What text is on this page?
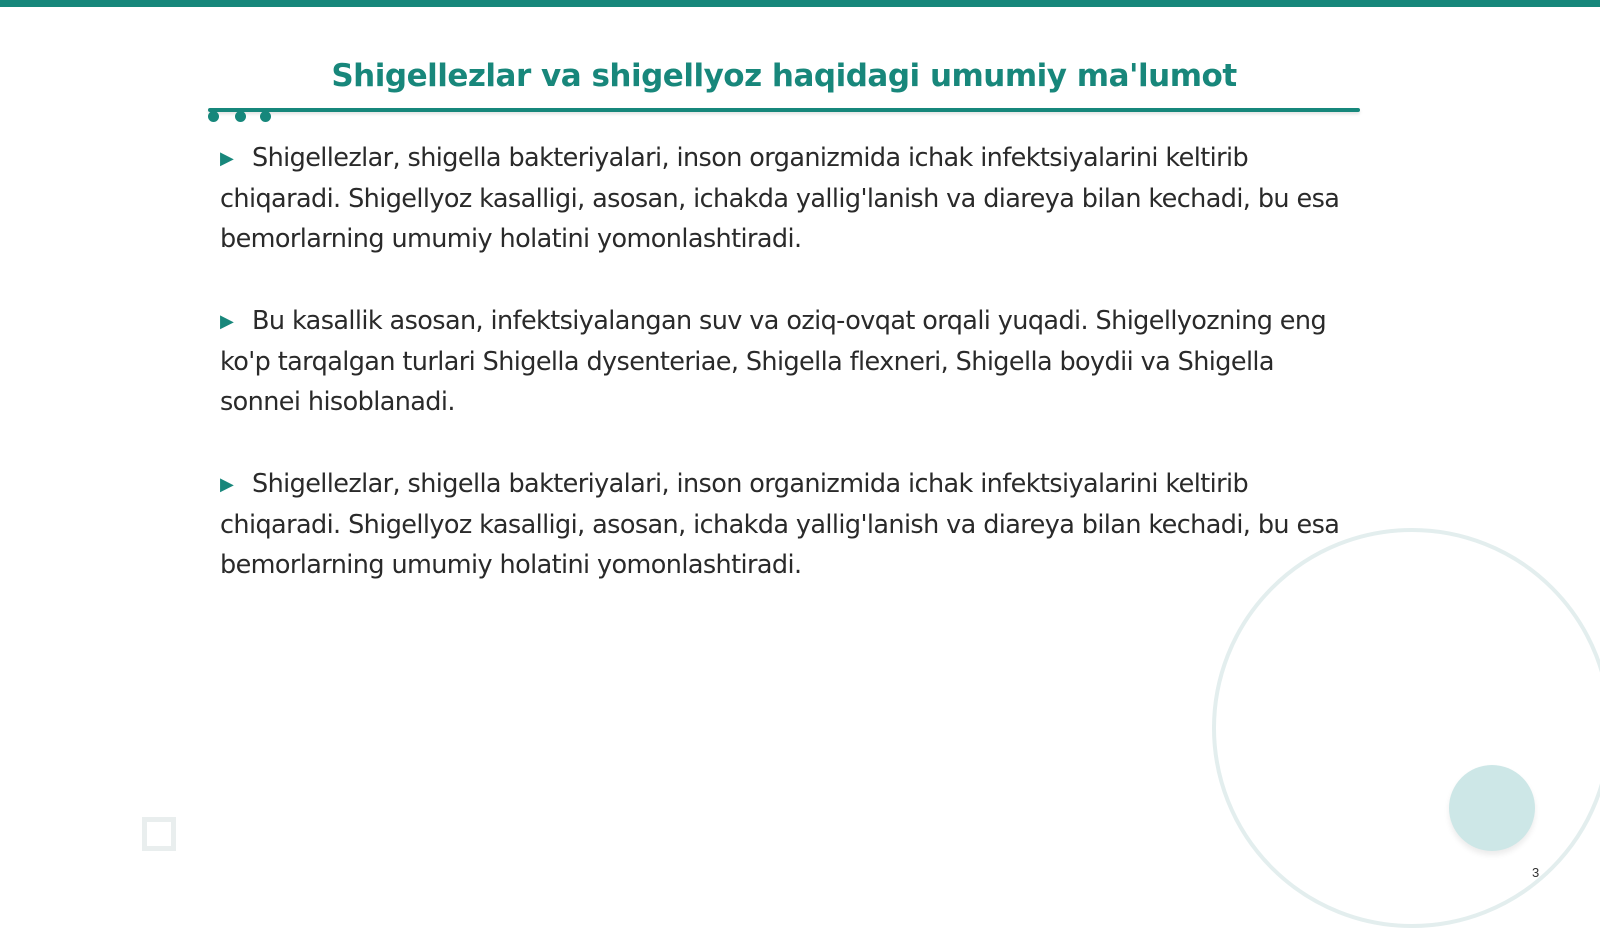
Shigellezlar va shigellyoz haqidagi umumiy ma'lumot

▶ Shigellezlar, shigella bakteriyalari, inson organizmida ichak infektsiyalarini keltirib chiqaradi. Shigellyoz kasalligi, asosan, ichakda yallig'lanish va diareya bilan kechadi, bu esa bemorlarning umumiy holatini yomonlashtiradi.

▶ Bu kasallik asosan, infektsiyalangan suv va oziq-ovqat orqali yuqadi. Shigellyozning eng ko'p tarqalgan turlari Shigella dysenteriae, Shigella flexneri, Shigella boydii va Shigella sonnei hisoblanadi.

▶ Shigellezlar, shigella bakteriyalari, inson organizmida ichak infektsiyalarini keltirib chiqaradi. Shigellyoz kasalligi, asosan, ichakda yallig'lanish va diareya bilan kechadi, bu esa bemorlarning umumiy holatini yomonlashtiradi.

3
